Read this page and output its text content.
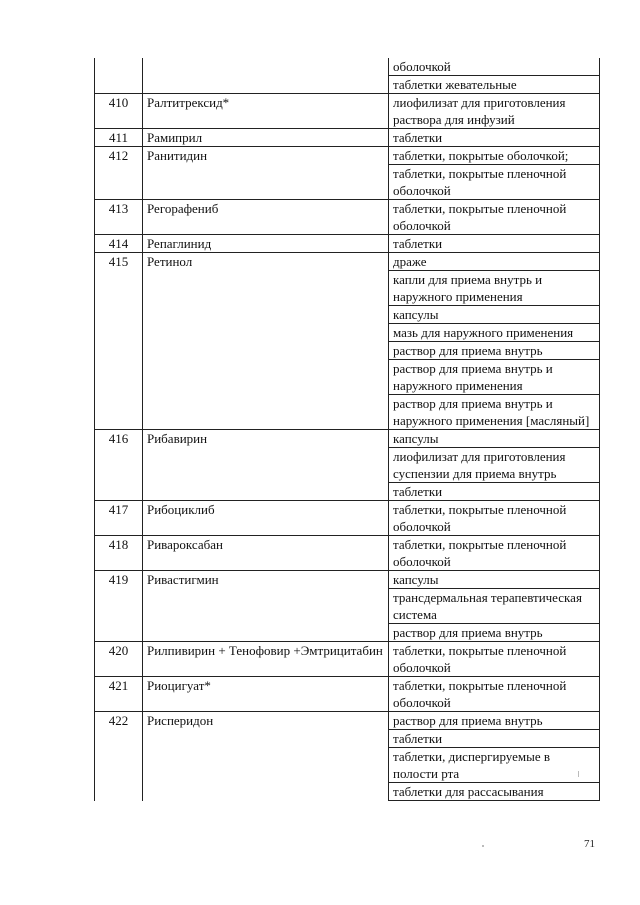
		оболочкой
		таблетки жевательные
410	Ралтитрексид*	лиофилизат для приготовления раствора для инфузий
411	Рамиприл	таблетки
412	Ранитидин	таблетки, покрытые оболочкой;
		таблетки, покрытые пленочной оболочкой
413	Регорафениб	таблетки, покрытые пленочной оболочкой
414	Репаглинид	таблетки
415	Ретинол	драже
		капли для приема внутрь и наружного применения
		капсулы
		мазь для наружного применения
		раствор для приема внутрь
		раствор для приема внутрь и наружного применения
		раствор для приема внутрь и наружного применения [масляный]
416	Рибавирин	капсулы
		лиофилизат для приготовления суспензии для приема внутрь
		таблетки
417	Рибоциклиб	таблетки, покрытые пленочной оболочкой
418	Ривароксабан	таблетки, покрытые пленочной оболочкой
419	Ривастигмин	капсулы
		трансдермальная терапевтическая система
		раствор для приема внутрь
420	Рилпивирин + Тенофовир +Эмтрицитабин	таблетки, покрытые пленочной оболочкой
421	Риоцигуат*	таблетки, покрытые пленочной оболочкой
422	Рисперидон	раствор для приема внутрь
		таблетки
		таблетки, диспергируемые в полости рта
		таблетки для рассасывания
71
